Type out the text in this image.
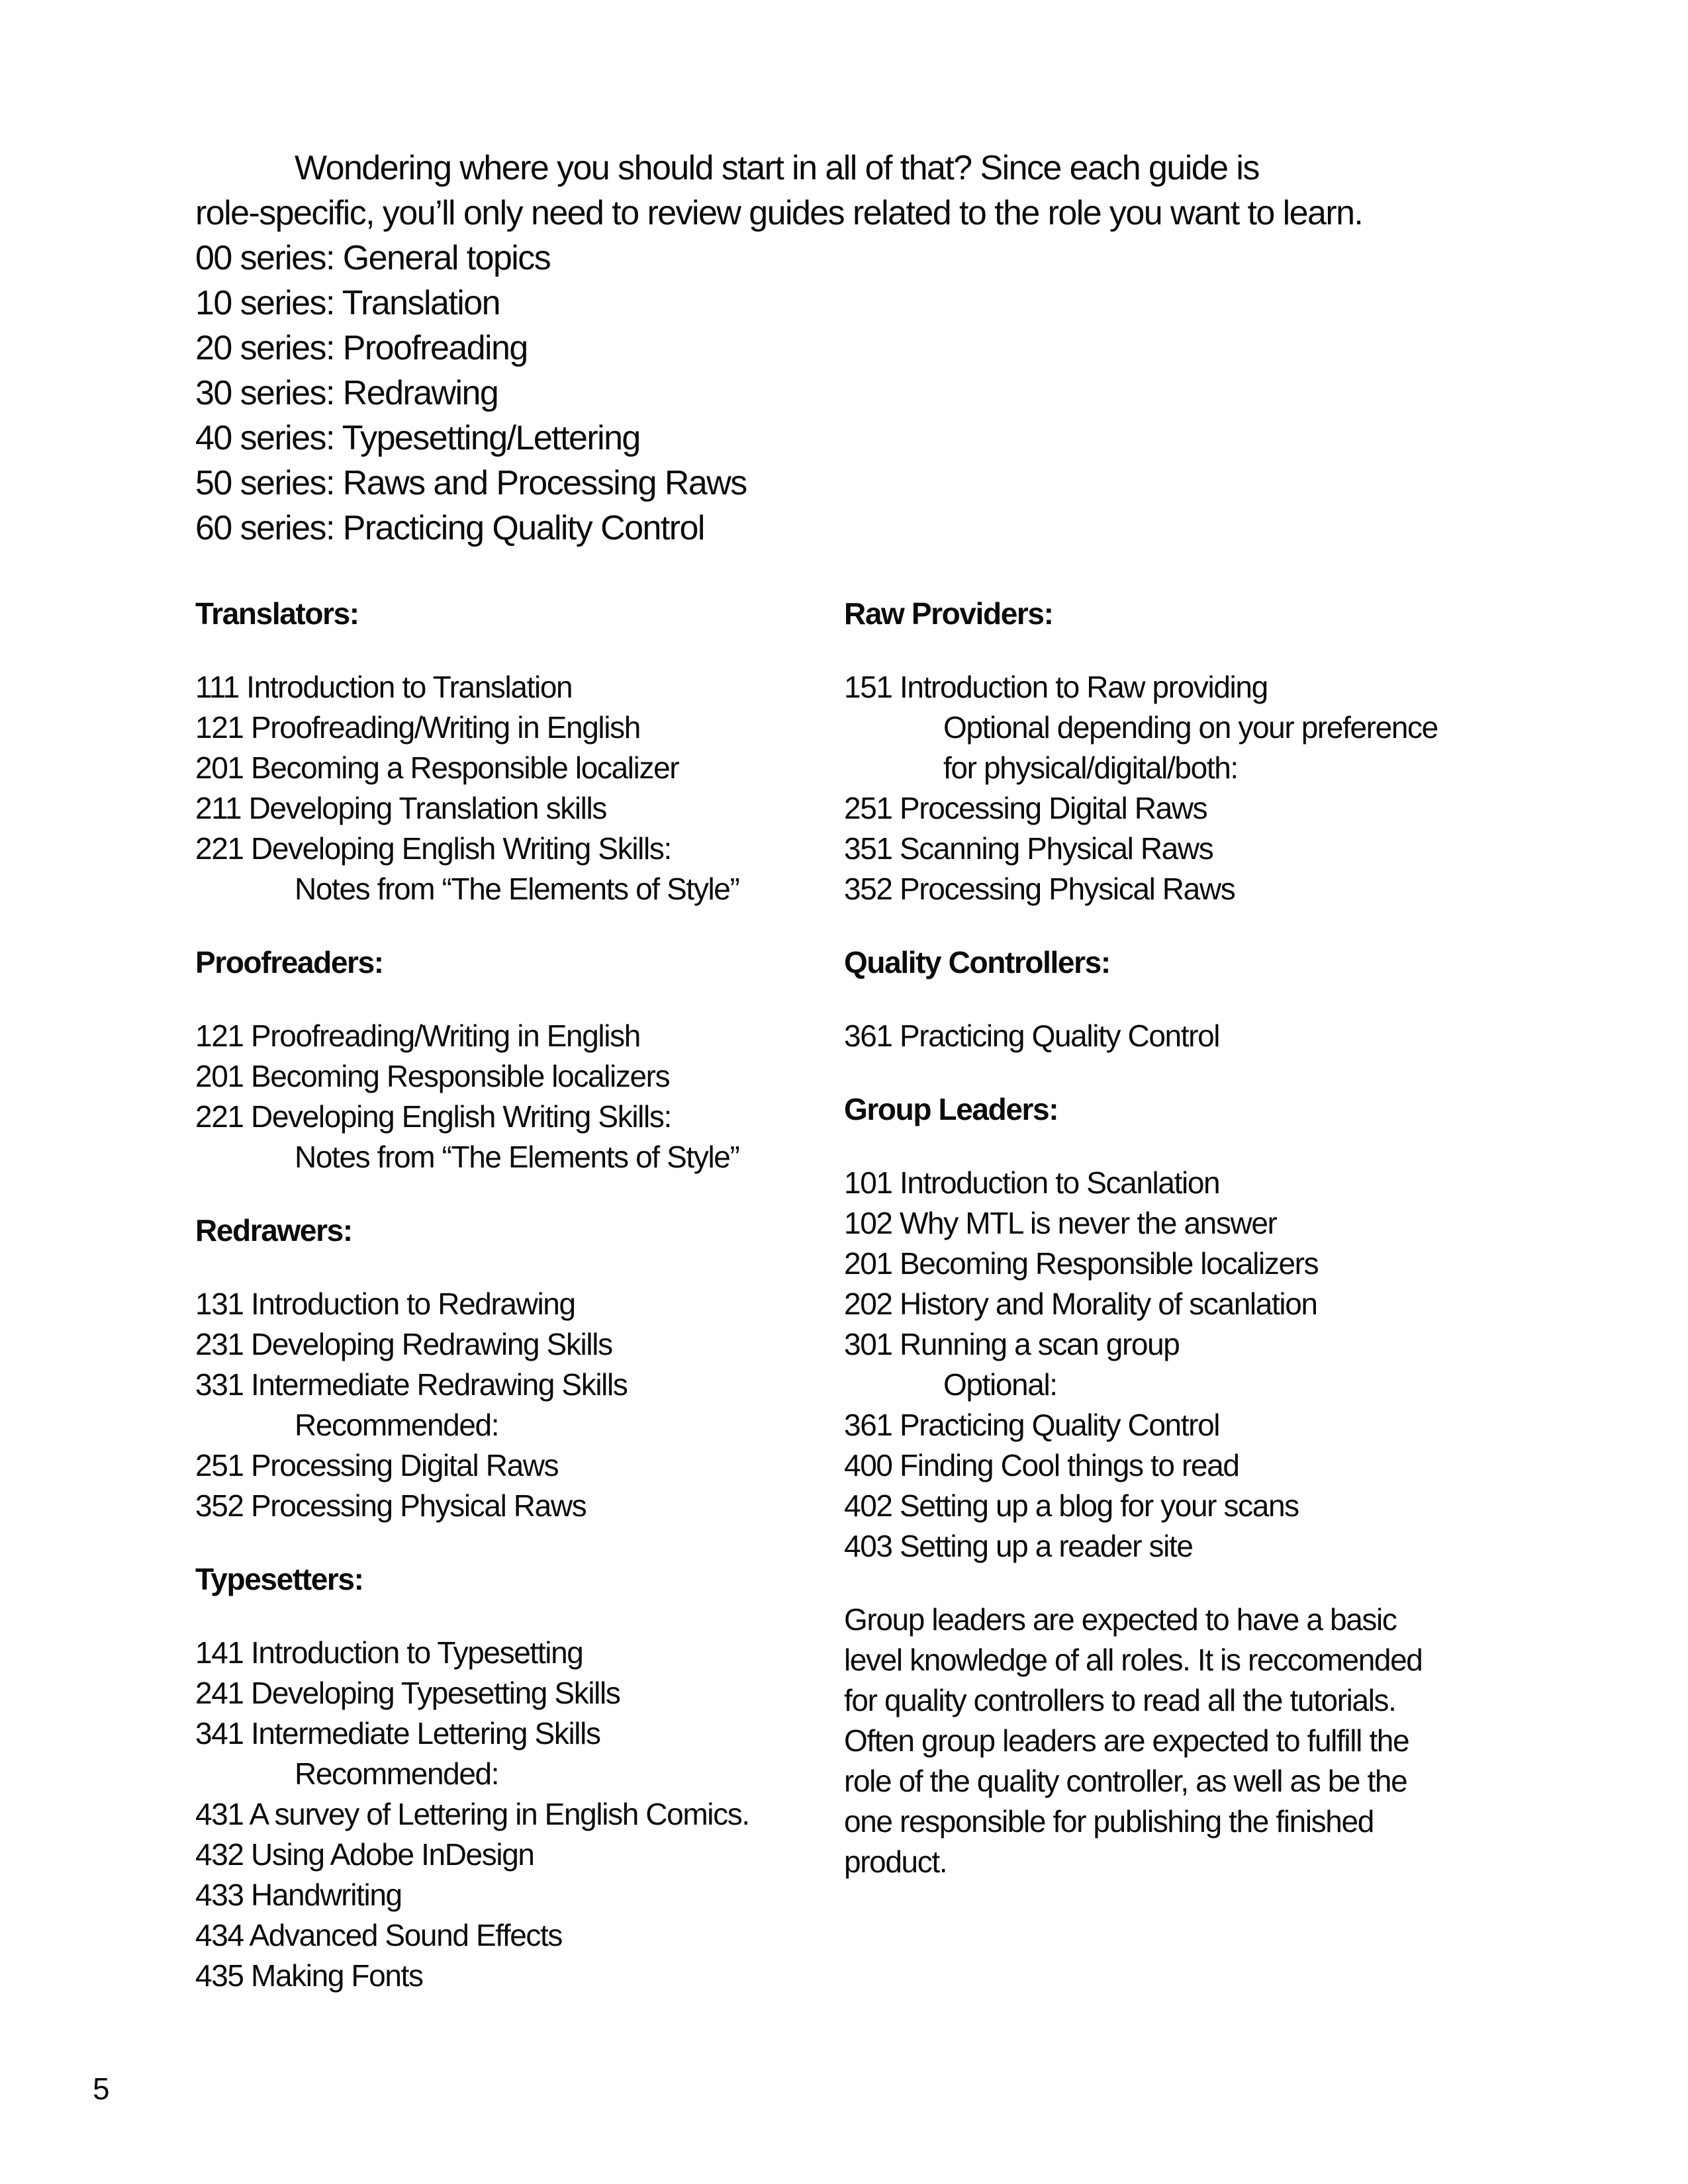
Wondering where you should start in all of that? Since each guide is
role-specific, you’ll only need to review guides related to the role you want to learn.
00 series: General topics
10 series: Translation
20 series: Proofreading
30 series: Redrawing
40 series: Typesetting/Lettering
50 series: Raws and Processing Raws
60 series: Practicing Quality Control
Translators:
111 Introduction to Translation
121 Proofreading/Writing in English
201 Becoming a Responsible localizer
211 Developing Translation skills
221 Developing English Writing Skills:
Notes from “The Elements of Style”
Proofreaders:
121 Proofreading/Writing in English
201 Becoming Responsible localizers
221 Developing English Writing Skills:
Notes from “The Elements of Style”
Redrawers:
131 Introduction to Redrawing
231 Developing Redrawing Skills
331 Intermediate Redrawing Skills
Recommended:
251 Processing Digital Raws
352 Processing Physical Raws
Typesetters:
141 Introduction to Typesetting
241 Developing Typesetting Skills
341 Intermediate Lettering Skills
Recommended:
431 A survey of Lettering in English Comics.
432 Using Adobe InDesign
433 Handwriting
434 Advanced Sound Effects
435 Making Fonts
Raw Providers:
151 Introduction to Raw providing
Optional depending on your preference
for physical/digital/both:
251 Processing Digital Raws
351 Scanning Physical Raws
352 Processing Physical Raws
Quality Controllers:
361 Practicing Quality Control
Group Leaders:
101 Introduction to Scanlation
102 Why MTL is never the answer
201 Becoming Responsible localizers
202 History and Morality of scanlation
301 Running a scan group
Optional:
361 Practicing Quality Control
400 Finding Cool things to read
402 Setting up a blog for your scans
403 Setting up a reader site
Group leaders are expected to have a basic
level knowledge of all roles. It is reccomended
for quality controllers to read all the tutorials.
Often group leaders are expected to fulfill the
role of the quality controller, as well as be the
one responsible for publishing the finished
product.
5
